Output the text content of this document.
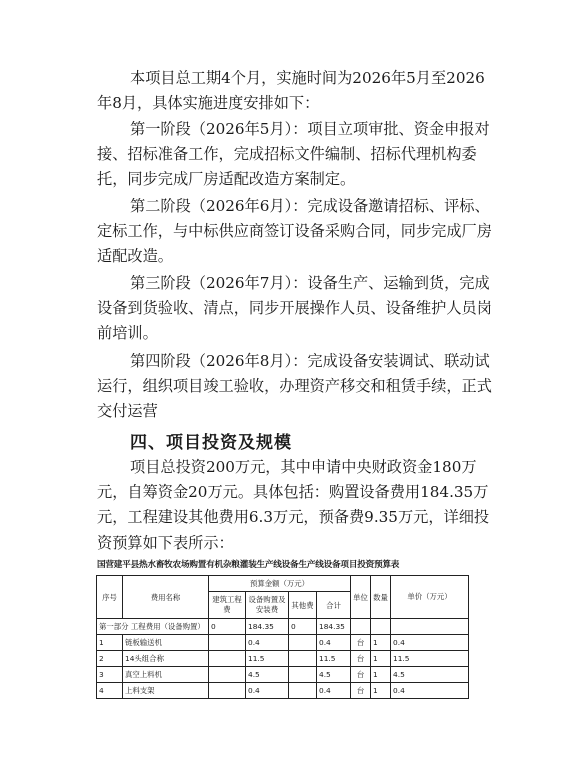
本项目总工期4个月，实施时间为2026年5月至2026年8月，具体实施进度安排如下：

第一阶段（2026年5月）：项目立项审批、资金申报对接、招标准备工作，完成招标文件编制、招标代理机构委托，同步完成厂房适配改造方案制定。

第二阶段（2026年6月）：完成设备邀请招标、评标、定标工作，与中标供应商签订设备采购合同，同步完成厂房适配改造。

第三阶段（2026年7月）：设备生产、运输到货，完成设备到货验收、清点，同步开展操作人员、设备维护人员岗前培训。

第四阶段（2026年8月）：完成设备安装调试、联动试运行，组织项目竣工验收，办理资产移交和租赁手续，正式交付运营

四、项目投资及规模

项目总投资200万元，其中申请中央财政资金180万元，自筹资金20万元。具体包括：购置设备费用184.35万元，工程建设其他费用6.3万元，预备费9.35万元，详细投资预算如下表所示：

国营建平县热水畜牧农场购置有机杂粮灌装生产线设备生产线设备项目投资预算表

序号	费用名称	预算金额（万元）				单位	数量	单价（万元）
		建筑工程费	设备购置及安装费	其他费	合计			
第一部分 工程费用（设备购置）		0	184.35	0	184.35			
1	链板输送机		0.4		0.4	台	1	0.4
2	14头组合称		11.5		11.5	台	1	11.5
3	真空上料机		4.5		4.5	台	1	4.5
4	上料支架		0.4		0.4	台	1	0.4
